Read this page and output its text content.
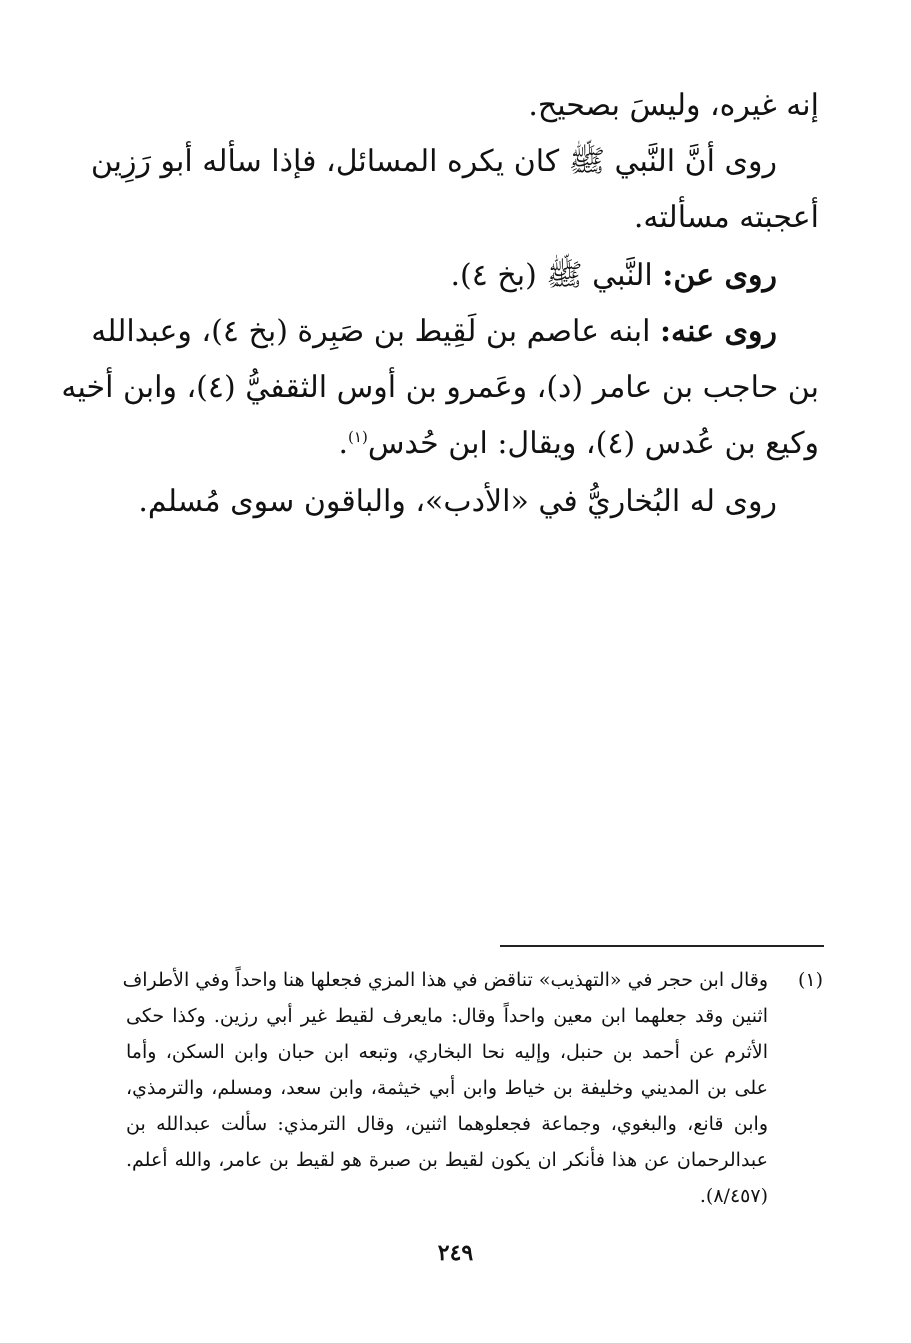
إنه غيره، وليسَ بصحيح.
روى أنَّ النَّبي ﷺ كان يكره المسائل، فإذا سأله أبو رَزِين
أعجبته مسألته.
روى عن: النَّبي ﷺ (بخ ٤).
روى عنه: ابنه عاصم بن لَقِيط بن صَبِرة (بخ ٤)، وعبدالله
بن حاجب بن عامر (د)، وعَمرو بن أوس الثقفيُّ (٤)، وابن أخيه
وكيع بن عُدس (٤)، ويقال: ابن حُدس$^{(١)}$.
روى له البُخاريُّ في «الأدب»، والباقون سوى مُسلم.
(١)
وقال ابن حجر في «التهذيب» تناقض في هذا المزي فجعلها هنا واحداً وفي الأطراف
اثنين وقد جعلهما ابن معين واحداً وقال: مايعرف لقيط غير أبي رزين. وكذا حكى
الأثرم عن أحمد بن حنبل، وإليه نحا البخاري، وتبعه ابن حبان وابن السكن، وأما
على بن المديني وخليفة بن خياط وابن أبي خيثمة، وابن سعد، ومسلم، والترمذي،
وابن قانع، والبغوي، وجماعة فجعلوهما اثنين، وقال الترمذي: سألت عبدالله بن
عبدالرحمان عن هذا فأنكر ان يكون لقيط بن صبرة هو لقيط بن عامر، والله أعلم.
(٨/٤٥٧).
٢٤٩
